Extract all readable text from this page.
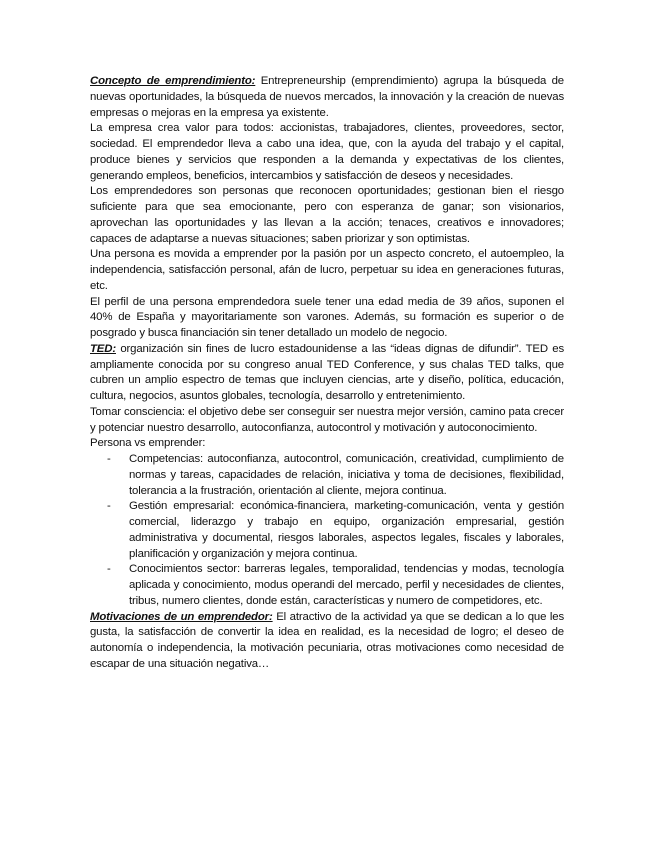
Concepto de emprendimiento: Entrepreneurship (emprendimiento) agrupa la búsqueda de nuevas oportunidades, la búsqueda de nuevos mercados, la innovación y la creación de nuevas empresas o mejoras en la empresa ya existente.

La empresa crea valor para todos: accionistas, trabajadores, clientes, proveedores, sector, sociedad. El emprendedor lleva a cabo una idea, que, con la ayuda del trabajo y el capital, produce bienes y servicios que responden a la demanda y expectativas de los clientes, generando empleos, beneficios, intercambios y satisfacción de deseos y necesidades.

Los emprendedores son personas que reconocen oportunidades; gestionan bien el riesgo suficiente para que sea emocionante, pero con esperanza de ganar; son visionarios, aprovechan las oportunidades y las llevan a la acción; tenaces, creativos e innovadores; capaces de adaptarse a nuevas situaciones; saben priorizar y son optimistas.

Una persona es movida a emprender por la pasión por un aspecto concreto, el autoempleo, la independencia, satisfacción personal, afán de lucro, perpetuar su idea en generaciones futuras, etc.

El perfil de una persona emprendedora suele tener una edad media de 39 años, suponen el 40% de España y mayoritariamente son varones. Además, su formación es superior o de posgrado y busca financiación sin tener detallado un modelo de negocio.

TED: organización sin fines de lucro estadounidense a las “ideas dignas de difundir”. TED es ampliamente conocida por su congreso anual TED Conference, y sus chalas TED talks, que cubren un amplio espectro de temas que incluyen ciencias, arte y diseño, política, educación, cultura, negocios, asuntos globales, tecnología, desarrollo y entretenimiento.

Tomar consciencia: el objetivo debe ser conseguir ser nuestra mejor versión, camino pata crecer y potenciar nuestro desarrollo, autoconfianza, autocontrol y motivación y autoconocimiento.

Persona vs emprender:

- Competencias: autoconfianza, autocontrol, comunicación, creatividad, cumplimiento de normas y tareas, capacidades de relación, iniciativa y toma de decisiones, flexibilidad, tolerancia a la frustración, orientación al cliente, mejora continua.
- Gestión empresarial: económica-financiera, marketing-comunicación, venta y gestión comercial, liderazgo y trabajo en equipo, organización empresarial, gestión administrativa y documental, riesgos laborales, aspectos legales, fiscales y laborales, planificación y organización y mejora continua.
- Conocimientos sector: barreras legales, temporalidad, tendencias y modas, tecnología aplicada y conocimiento, modus operandi del mercado, perfil y necesidades de clientes, tribus, numero clientes, donde están, características y numero de competidores, etc.

Motivaciones de un emprendedor: El atractivo de la actividad ya que se dedican a lo que les gusta, la satisfacción de convertir la idea en realidad, es la necesidad de logro; el deseo de autonomía o independencia, la motivación pecuniaria, otras motivaciones como necesidad de escapar de una situación negativa…
